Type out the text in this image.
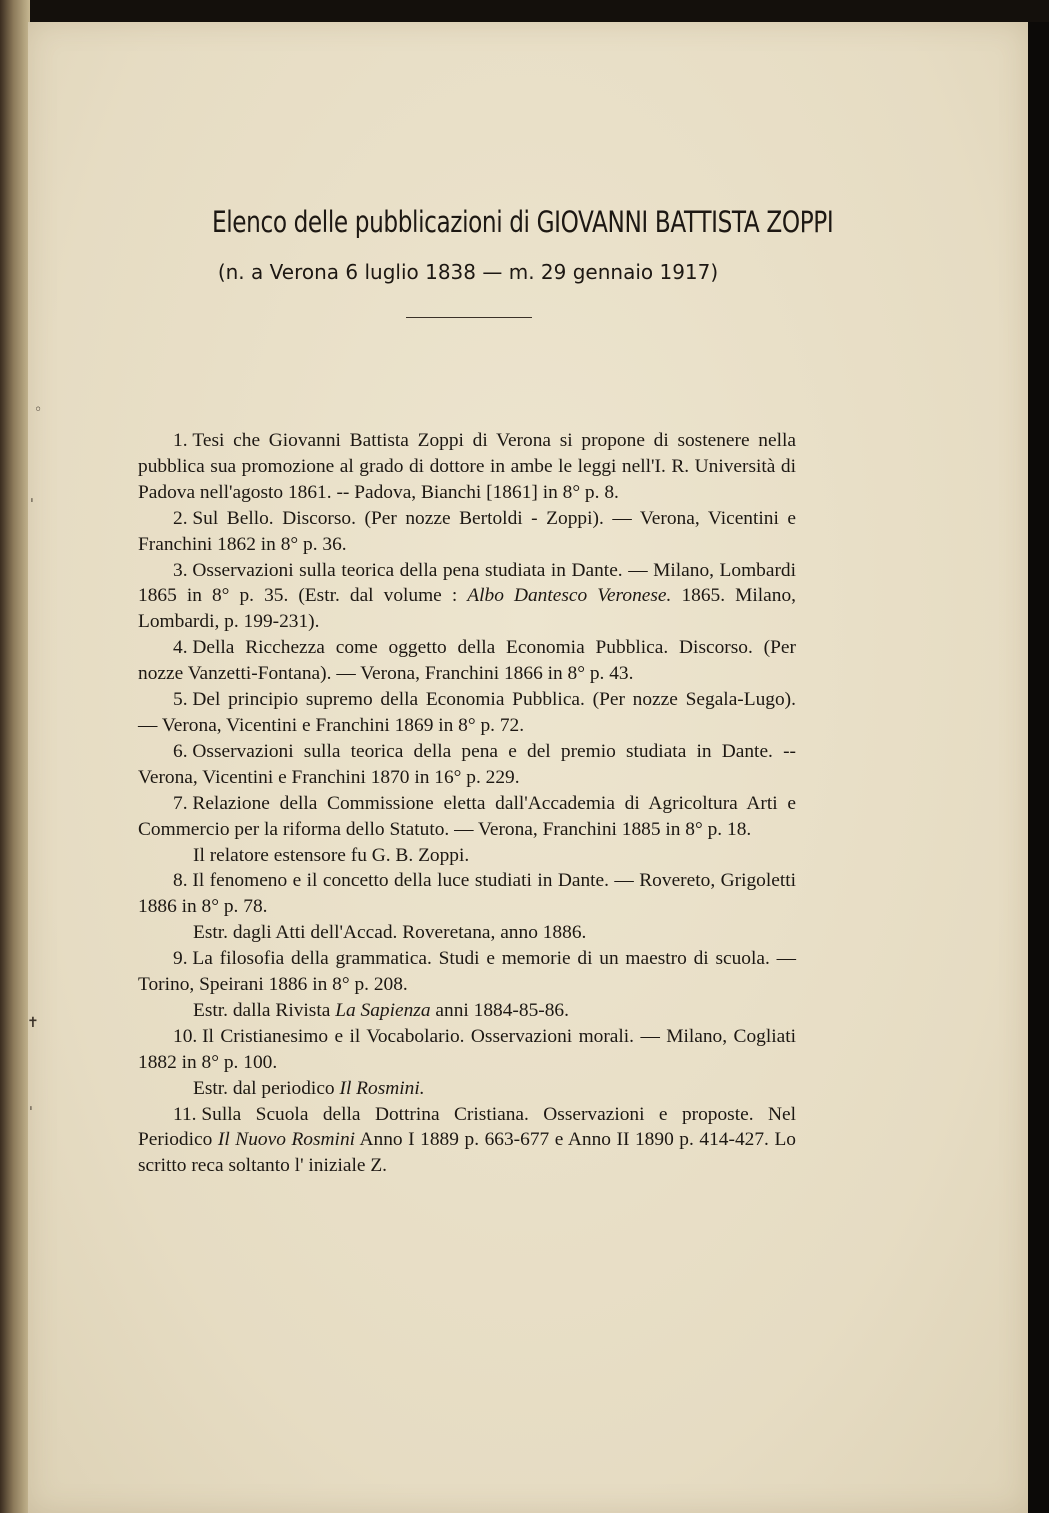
◦
ˌ
✝
ˈ
Elenco delle pubblicazioni di GIOVANNI BATTISTA ZOPPI
(n. a Verona 6 luglio 1838 — m. 29 gennaio 1917)

1. Tesi che Giovanni Battista Zoppi di Verona si propone di sostenere nella pubblica sua promozione al grado di dottore in ambe le leggi nell'I. R. Università di Padova nell'agosto 1861. -- Padova, Bianchi [1861] in 8° p. 8.

2. Sul Bello. Discorso. (Per nozze Bertoldi - Zoppi). — Verona, Vicentini e Franchini 1862 in 8° p. 36.

3. Osservazioni sulla teorica della pena studiata in Dante. — Milano, Lombardi 1865 in 8° p. 35. (Estr. dal volume : Albo Dantesco Veronese. 1865. Milano, Lombardi, p. 199-231).

4. Della Ricchezza come oggetto della Economia Pubblica. Discorso. (Per nozze Vanzetti-Fontana). — Verona, Franchini 1866 in 8° p. 43.

5. Del principio supremo della Economia Pubblica. (Per nozze Segala-Lugo). — Verona, Vicentini e Franchini 1869 in 8° p. 72.

6. Osservazioni sulla teorica della pena e del premio studiata in Dante. -- Verona, Vicentini e Franchini 1870 in 16° p. 229.

7. Relazione della Commissione eletta dall'Accademia di Agricoltura Arti e Commercio per la riforma dello Statuto. — Verona, Franchini 1885 in 8° p. 18.

Il relatore estensore fu G. B. Zoppi.

8. Il fenomeno e il concetto della luce studiati in Dante. — Rovereto, Grigoletti 1886 in 8° p. 78.

Estr. dagli Atti dell'Accad. Roveretana, anno 1886.

9. La filosofia della grammatica. Studi e memorie di un maestro di scuola. — Torino, Speirani 1886 in 8° p. 208.

Estr. dalla Rivista La Sapienza anni 1884-85-86.

10. Il Cristianesimo e il Vocabolario. Osservazioni morali. — Milano, Cogliati 1882 in 8° p. 100.

Estr. dal periodico Il Rosmini.

11. Sulla Scuola della Dottrina Cristiana. Osservazioni e proposte. Nel Periodico Il Nuovo Rosmini Anno I 1889 p. 663-677 e Anno II 1890 p. 414-427. Lo scritto reca soltanto l' iniziale Z.
